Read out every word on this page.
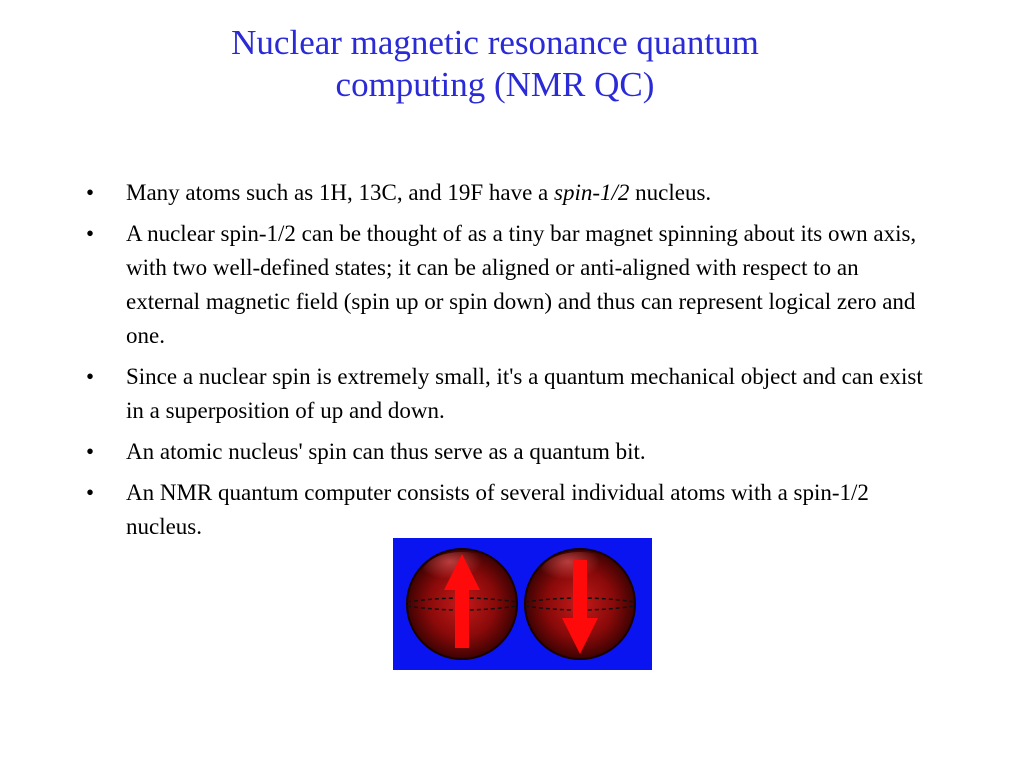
Nuclear magnetic resonance quantum
computing (NMR QC)
• Many atoms such as 1H, 13C, and 19F have a spin-1/2 nucleus.
• A nuclear spin-1/2 can be thought of as a tiny bar magnet spinning about its own axis, with two well-defined states; it can be aligned or anti-aligned with respect to an external magnetic field (spin up or spin down) and thus can represent logical zero and one.
• Since a nuclear spin is extremely small, it's a quantum mechanical object and can exist in a superposition of up and down.
• An atomic nucleus' spin can thus serve as a quantum bit.
• An NMR quantum computer consists of several individual atoms with a spin-1/2 nucleus.
